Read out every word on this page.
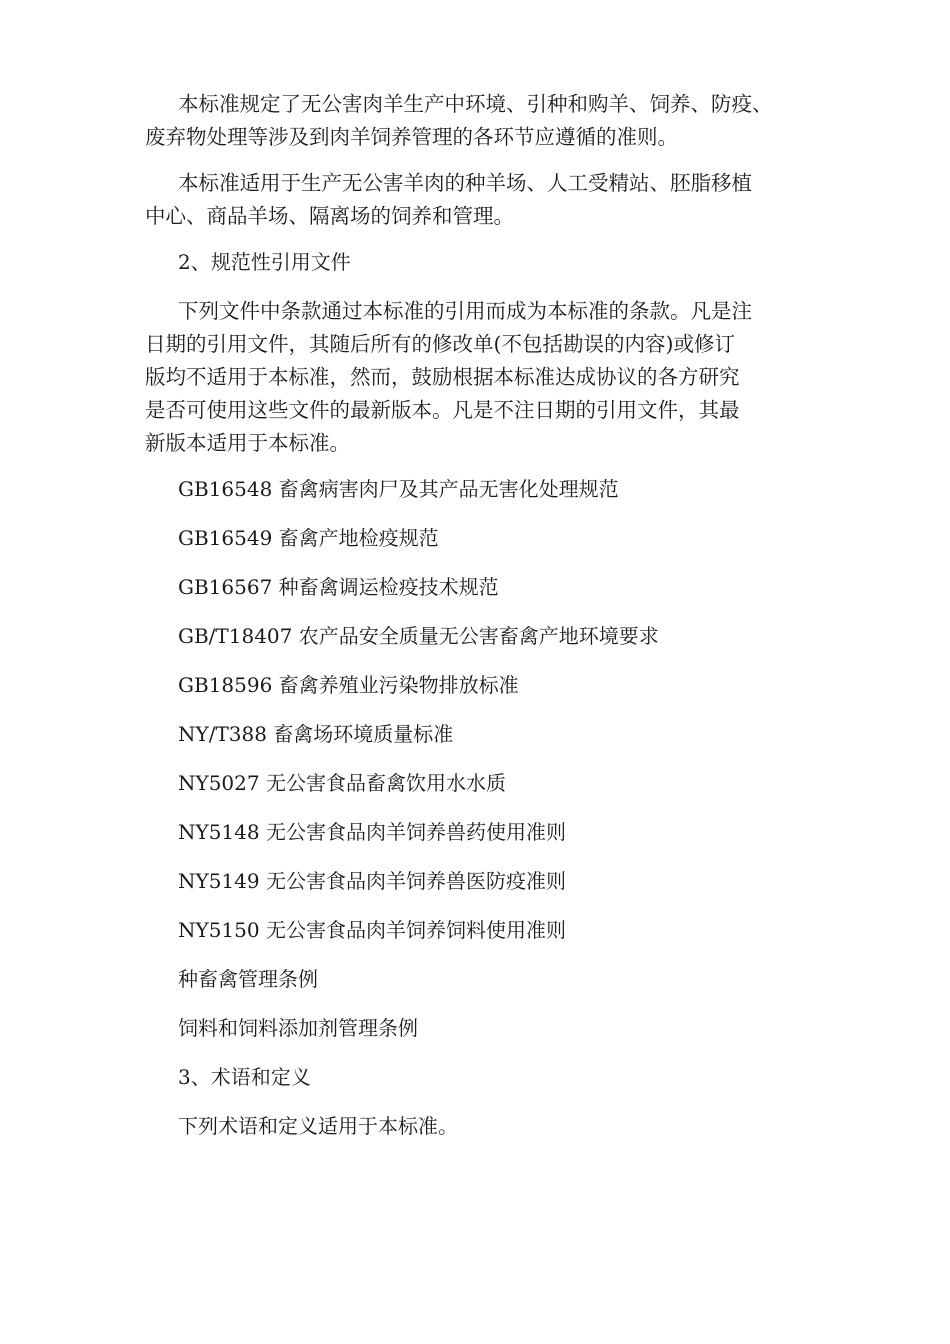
本标准规定了无公害肉羊生产中环境、引种和购羊、饲养、防疫、
废弃物处理等涉及到肉羊饲养管理的各环节应遵循的准则。

本标准适用于生产无公害羊肉的种羊场、人工受精站、胚脂移植
中心、商品羊场、隔离场的饲养和管理。

2、规范性引用文件

下列文件中条款通过本标准的引用而成为本标准的条款。凡是注
日期的引用文件，其随后所有的修改单(不包括勘误的内容)或修订
版均不适用于本标准，然而，鼓励根据本标准达成协议的各方研究
是否可使用这些文件的最新版本。凡是不注日期的引用文件，其最
新版本适用于本标准。

GB16548 畜禽病害肉尸及其产品无害化处理规范
GB16549 畜禽产地检疫规范
GB16567 种畜禽调运检疫技术规范
GB/T18407 农产品安全质量无公害畜禽产地环境要求
GB18596 畜禽养殖业污染物排放标准
NY/T388 畜禽场环境质量标准
NY5027 无公害食品畜禽饮用水水质
NY5148 无公害食品肉羊饲养兽药使用准则
NY5149 无公害食品肉羊饲养兽医防疫准则
NY5150 无公害食品肉羊饲养饲料使用准则
种畜禽管理条例
饲料和饲料添加剂管理条例
3、术语和定义
下列术语和定义适用于本标准。
